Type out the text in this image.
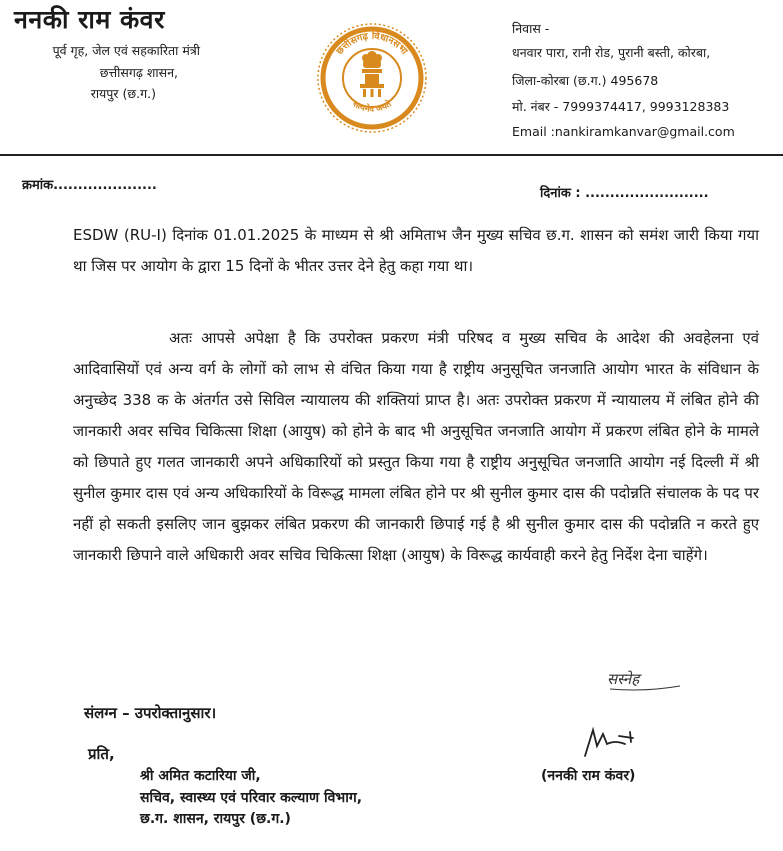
ननकी राम कंवर
पूर्व गृह, जेल एवं सहकारिता मंत्री
छत्तीसगढ़ शासन,
रायपुर (छ.ग.)
छत्तीसगढ़ विधानसभा
सत्यमेव जयते
निवास -
धनवार पारा, रानी रोड, पुरानी बस्ती, कोरबा,
जिला-कोरबा (छ.ग.) 495678
मो. नंबर - 7999374417, 9993128383
Email :nankiramkanvar@gmail.com
क्रमांक.....................
दिनांक : .........................
ESDW (RU-I) दिनांक 01.01.2025 के माध्यम से श्री अमिताभ जैन मुख्य सचिव छ.ग. शासन को समंश जारी किया गया था जिस पर आयोग के द्वारा 15 दिनों के भीतर उत्तर देने हेतु कहा गया था।
अतः आपसे अपेक्षा है कि उपरोक्त प्रकरण मंत्री परिषद व मुख्य सचिव के आदेश की अवहेलना एवं आदिवासियों एवं अन्य वर्ग के लोगों को लाभ से वंचित किया गया है राष्ट्रीय अनुसूचित जनजाति आयोग भारत के संविधान के अनुच्छेद 338 क के अंतर्गत उसे सिविल न्यायालय की शक्तियां प्राप्त है। अतः उपरोक्त प्रकरण में न्यायालय में लंबित होने की जानकारी अवर सचिव चिकित्सा शिक्षा (आयुष) को होने के बाद भी अनुसूचित जनजाति आयोग में प्रकरण लंबित होने के मामले को छिपाते हुए गलत जानकारी अपने अधिकारियों को प्रस्तुत किया गया है राष्ट्रीय अनुसूचित जनजाति आयोग नई दिल्ली में श्री सुनील कुमार दास एवं अन्य अधिकारियों के विरूद्ध मामला लंबित होने पर श्री सुनील कुमार दास की पदोन्नति संचालक के पद पर नहीं हो सकती इसलिए जान बुझकर लंबित प्रकरण की जानकारी छिपाई गई है श्री सुनील कुमार दास की पदोन्नति न करते हुए जानकारी छिपाने वाले अधिकारी अवर सचिव चिकित्सा शिक्षा (आयुष) के विरूद्ध कार्यवाही करने हेतु निर्देश देना चाहेंगे।
सस्नेह
संलग्न – उपरोक्तानुसार।
प्रति,
श्री अमित कटारिया जी,
सचिव, स्वास्थ्य एवं परिवार कल्याण विभाग,
छ.ग. शासन, रायपुर (छ.ग.)
(ननकी राम कंवर)
